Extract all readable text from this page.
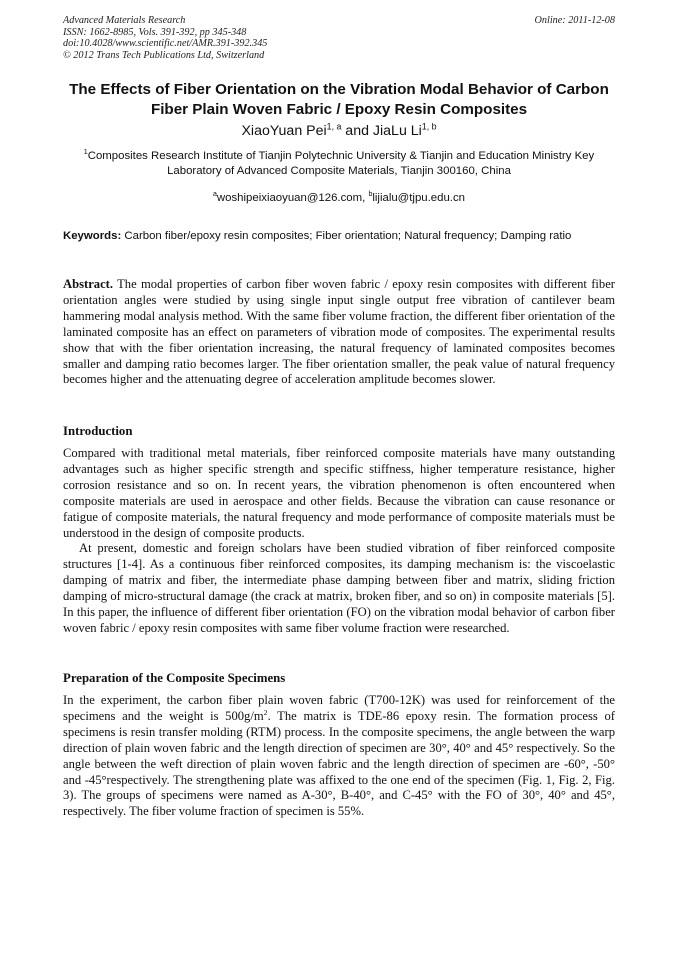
Advanced Materials Research
ISSN: 1662-8985, Vols. 391-392, pp 345-348
doi:10.4028/www.scientific.net/AMR.391-392.345
© 2012 Trans Tech Publications Ltd, Switzerland
Online: 2011-12-08
The Effects of Fiber Orientation on the Vibration Modal Behavior of Carbon Fiber Plain Woven Fabric / Epoxy Resin Composites
XiaoYuan Pei$^{1, a}$ and JiaLu Li$^{1, b}$
$^1$Composites Research Institute of Tianjin Polytechnic University & Tianjin and Education Ministry Key Laboratory of Advanced Composite Materials, Tianjin 300160, China
$^a$woshipeixiaoyuan@126.com, $^b$lijialu@tjpu.edu.cn
Keywords: Carbon fiber/epoxy resin composites; Fiber orientation; Natural frequency; Damping ratio
Abstract. The modal properties of carbon fiber woven fabric / epoxy resin composites with different fiber orientation angles were studied by using single input single output free vibration of cantilever beam hammering modal analysis method. With the same fiber volume fraction, the different fiber orientation of the laminated composite has an effect on parameters of vibration mode of composites. The experimental results show that with the fiber orientation increasing, the natural frequency of laminated composites becomes smaller and damping ratio becomes larger. The fiber orientation smaller, the peak value of natural frequency becomes higher and the attenuating degree of acceleration amplitude becomes slower.
Introduction

Compared with traditional metal materials, fiber reinforced composite materials have many outstanding advantages such as higher specific strength and specific stiffness, higher temperature resistance, higher corrosion resistance and so on. In recent years, the vibration phenomenon is often encountered when composite materials are used in aerospace and other fields. Because the vibration can cause resonance or fatigue of composite materials, the natural frequency and mode performance of composite materials must be understood in the design of composite products.

At present, domestic and foreign scholars have been studied vibration of fiber reinforced composite structures [1-4]. As a continuous fiber reinforced composites, its damping mechanism is: the viscoelastic damping of matrix and fiber, the intermediate phase damping between fiber and matrix, sliding friction damping of micro-structural damage (the crack at matrix, broken fiber, and so on) in composite materials [5]. In this paper, the influence of different fiber orientation (FO) on the vibration modal behavior of carbon fiber woven fabric / epoxy resin composites with same fiber volume fraction were researched.

Preparation of the Composite Specimens
In the experiment, the carbon fiber plain woven fabric (T700-12K) was used for reinforcement of the specimens and the weight is $500g/m^2$. The matrix is TDE-86 epoxy resin. The formation process of specimens is resin transfer molding (RTM) process. In the composite specimens, the angle between the warp direction of plain woven fabric and the length direction of specimen are 30°, 40° and 45° respectively. So the angle between the weft direction of plain woven fabric and the length direction of specimen are -60°, -50° and -45°respectively. The strengthening plate was affixed to the one end of the specimen (Fig. 1, Fig. 2, Fig. 3). The groups of specimens were named as A-30°, B-40°, and C-45° with the FO of 30°, 40° and 45°, respectively. The fiber volume fraction of specimen is 55%.
